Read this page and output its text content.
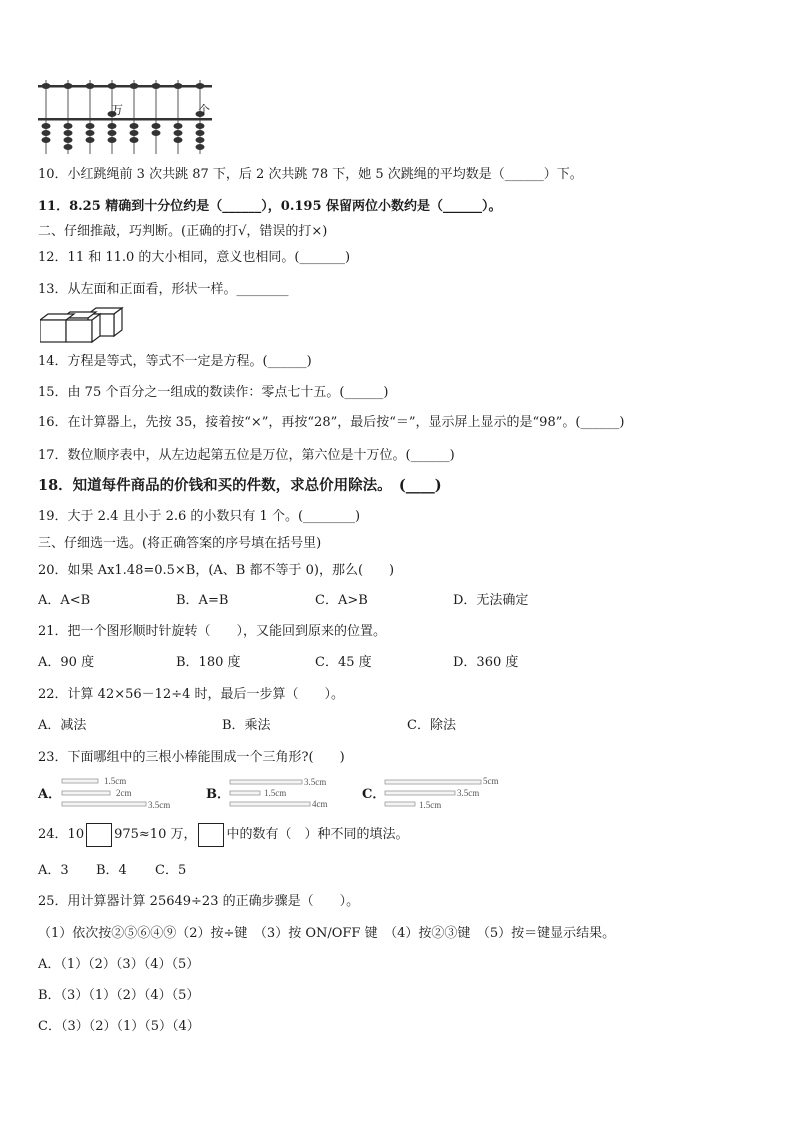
万	个
10．小红跳绳前 3 次共跳 87 下，后 2 次共跳 78 下，她 5 次跳绳的平均数是（______）下。
11．8.25 精确到十分位约是（______），0.195 保留两位小数约是（______）。
二、仔细推敲，巧判断。(正确的打√，错误的打×)
12．11 和 11.0 的大小相同，意义也相同。(_______)
13．从左面和正面看，形状一样。________
14．方程是等式，等式不一定是方程。(______)
15．由 75 个百分之一组成的数读作：零点七十五。(______)
16．在计算器上，先按 35，接着按“×”，再按“28”，最后按“＝”，显示屏上显示的是“98”。(______)
17．数位顺序表中，从左边起第五位是万位，第六位是十万位。(______)
18．知道每件商品的价钱和买的件数，求总价用除法。　(____)
19．大于 2.4 且小于 2.6 的小数只有 1 个。(________)
三、仔细选一选。(将正确答案的序号填在括号里)
20．如果 Ax1.48=0.5×B，(A、B 都不等于 0)，那么(　　)
A．A<B	B．A=B	C．A>B	D．无法确定
21．把一个图形顺时针旋转（　　），又能回到原来的位置。
A．90 度	B．180 度	C．45 度	D．360 度
22．计算 42×56－12÷4 时，最后一步算（　　）。
A．减法	B．乘法	C．除法
23．下面哪组中的三根小棒能围成一个三角形?(　　)
A．
1.5cm
2cm
3.5cm
B．
3.5cm
1.5cm
4cm
C．
5cm
3.5cm
1.5cm
24．10 975≈10 万， 中的数有（　）种不同的填法。
A．3 B．4 C．5
25．用计算器计算 25649÷23 的正确步骤是（　　）。
（1）依次按②⑤⑥④⑨（2）按÷键　（3）按 ON/OFF 键　（4）按②③键　（5）按＝键显示结果。
A．（1）（2）（3）（4）（5）
B．（3）（1）（2）（4）（5）
C．（3）（2）（1）（5）（4）
